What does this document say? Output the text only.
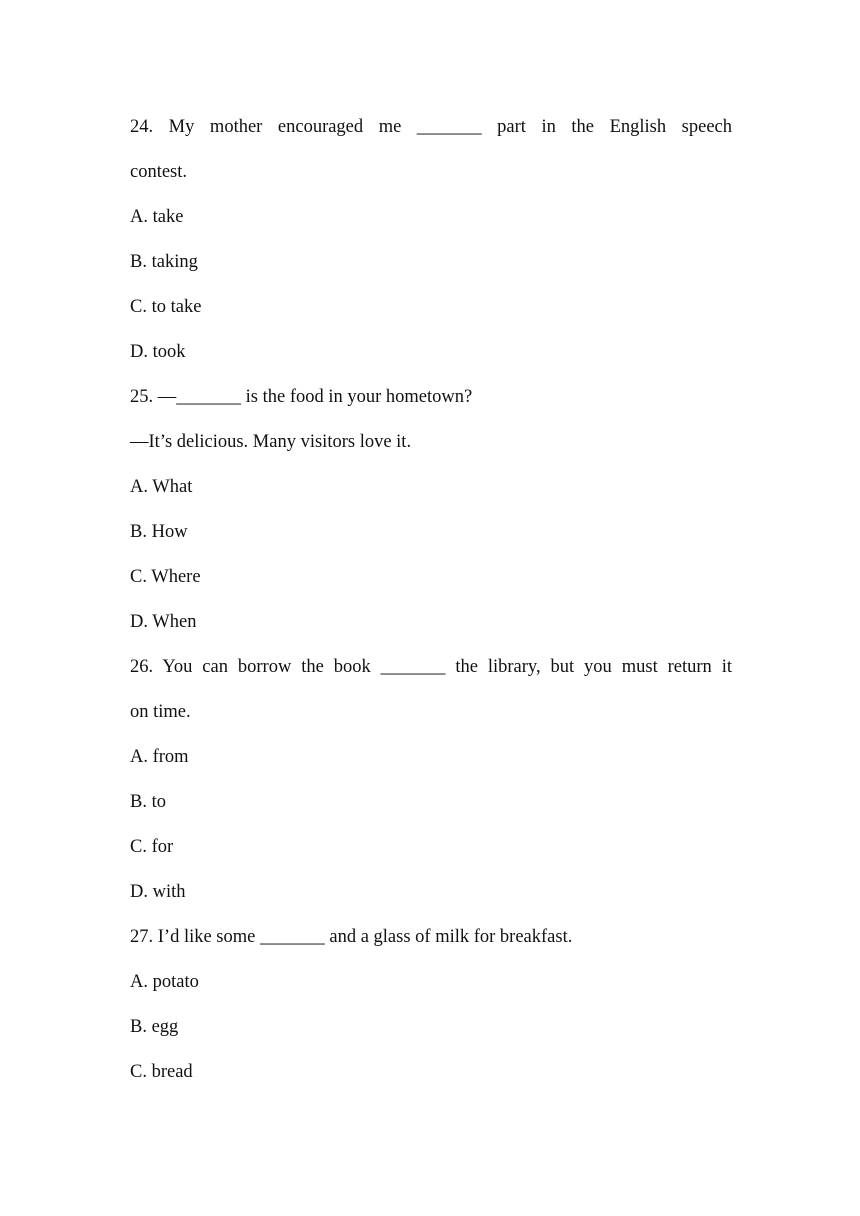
24. My mother encouraged me _______ part in the English speech
contest.
A. take
B. taking
C. to take
D. took
25. —_______ is the food in your hometown?
—It’s delicious. Many visitors love it.
A. What
B. How
C. Where
D. When
26. You can borrow the book _______ the library, but you must return it
on time.
A. from
B. to
C. for
D. with
27. I’d like some _______ and a glass of milk for breakfast.
A. potato
B. egg
C. bread
